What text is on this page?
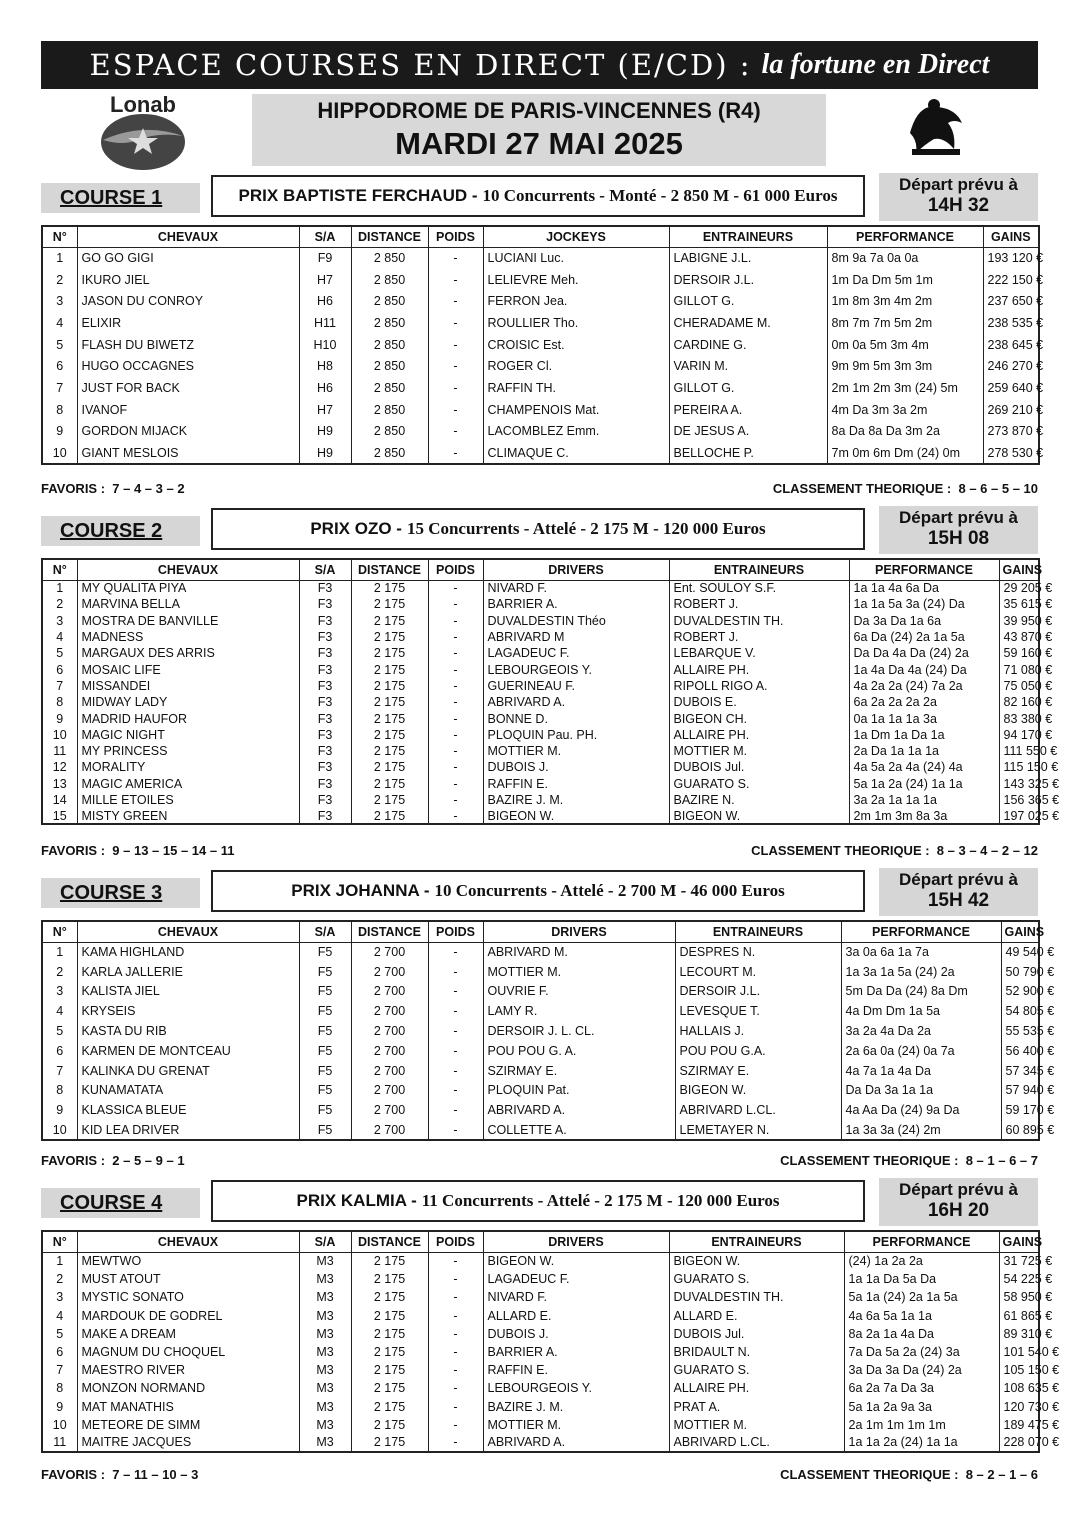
ESPACE COURSES EN DIRECT (E/CD) : la fortune en Direct
Lonab	HIPPODROME DE PARIS-VINCENNES (R4)
MARDI 27 MAI 2025
COURSE 1	PRIX BAPTISTE FERCHAUD - 10 Concurrents - Monté - 2 850 M - 61 000 Euros
Départ prévu à
14H 32
N°	CHEVAUX	S/A	DISTANCE	POIDS	JOCKEYS	ENTRAINEURS	PERFORMANCE	GAINS
1	GO GO GIGI	F9	2 850	-	LUCIANI Luc.	LABIGNE J.L.	8m 9a 7a 0a 0a	193 120 €
2	IKURO JIEL	H7	2 850	-	LELIEVRE Meh.	DERSOIR J.L.	1m Da Dm 5m 1m	222 150 €
3	JASON DU CONROY	H6	2 850	-	FERRON Jea.	GILLOT G.	1m 8m 3m 4m 2m	237 650 €
4	ELIXIR	H11	2 850	-	ROULLIER Tho.	CHERADAME M.	8m 7m 7m 5m 2m	238 535 €
5	FLASH DU BIWETZ	H10	2 850	-	CROISIC Est.	CARDINE G.	0m 0a 5m 3m 4m	238 645 €
6	HUGO OCCAGNES	H8	2 850	-	ROGER Cl.	VARIN M.	9m 9m 5m 3m 3m	246 270 €
7	JUST FOR BACK	H6	2 850	-	RAFFIN TH.	GILLOT G.	2m 1m 2m 3m (24) 5m	259 640 €
8	IVANOF	H7	2 850	-	CHAMPENOIS Mat.	PEREIRA A.	4m Da 3m 3a 2m	269 210 €
9	GORDON MIJACK	H9	2 850	-	LACOMBLEZ Emm.	DE JESUS A.	8a Da 8a Da 3m 2a	273 870 €
10	GIANT MESLOIS	H9	2 850	-	CLIMAQUE C.	BELLOCHE P.	7m 0m 6m Dm (24) 0m	278 530 €
FAVORIS : 7 – 4 – 3 – 2	CLASSEMENT THEORIQUE : 8 – 6 – 5 – 10
COURSE 2	PRIX OZO - 15 Concurrents - Attelé - 2 175 M - 120 000 Euros
Départ prévu à
15H 08
N°	CHEVAUX	S/A	DISTANCE	POIDS	DRIVERS	ENTRAINEURS	PERFORMANCE	GAINS
1	MY QUALITA PIYA	F3	2 175	-	NIVARD F.	Ent. SOULOY S.F.	1a 1a 4a 6a Da	29 205 €
2	MARVINA BELLA	F3	2 175	-	BARRIER A.	ROBERT J.	1a 1a 5a 3a (24) Da	35 615 €
3	MOSTRA DE BANVILLE	F3	2 175	-	DUVALDESTIN Théo	DUVALDESTIN TH.	Da 3a Da 1a 6a	39 950 €
4	MADNESS	F3	2 175	-	ABRIVARD M	ROBERT J.	6a Da (24) 2a 1a 5a	43 870 €
5	MARGAUX DES ARRIS	F3	2 175	-	LAGADEUC F.	LEBARQUE V.	Da Da 4a Da (24) 2a	59 160 €
6	MOSAIC LIFE	F3	2 175	-	LEBOURGEOIS Y.	ALLAIRE PH.	1a 4a Da 4a (24) Da	71 080 €
7	MISSANDEI	F3	2 175	-	GUERINEAU F.	RIPOLL RIGO A.	4a 2a 2a (24) 7a 2a	75 050 €
8	MIDWAY LADY	F3	2 175	-	ABRIVARD A.	DUBOIS E.	6a 2a 2a 2a 2a	82 160 €
9	MADRID HAUFOR	F3	2 175	-	BONNE D.	BIGEON CH.	0a 1a 1a 1a 3a	83 380 €
10	MAGIC NIGHT	F3	2 175	-	PLOQUIN Pau. PH.	ALLAIRE PH.	1a Dm 1a Da 1a	94 170 €
11	MY PRINCESS	F3	2 175	-	MOTTIER M.	MOTTIER M.	2a Da 1a 1a 1a	111 550 €
12	MORALITY	F3	2 175	-	DUBOIS J.	DUBOIS Jul.	4a 5a 2a 4a (24) 4a	115 150 €
13	MAGIC AMERICA	F3	2 175	-	RAFFIN E.	GUARATO S.	5a 1a 2a (24) 1a 1a	143 325 €
14	MILLE ETOILES	F3	2 175	-	BAZIRE J. M.	BAZIRE N.	3a 2a 1a 1a 1a	156 365 €
15	MISTY GREEN	F3	2 175	-	BIGEON W.	BIGEON W.	2m 1m 3m 8a 3a	197 025 €
FAVORIS : 9 – 13 – 15 – 14 – 11	CLASSEMENT THEORIQUE : 8 – 3 – 4 – 2 – 12
COURSE 3	PRIX JOHANNA - 10 Concurrents - Attelé - 2 700 M - 46 000 Euros
Départ prévu à
15H 42
N°	CHEVAUX	S/A	DISTANCE	POIDS	DRIVERS	ENTRAINEURS	PERFORMANCE	GAINS
1	KAMA HIGHLAND	F5	2 700	-	ABRIVARD M.	DESPRES N.	3a 0a 6a 1a 7a	49 540 €
2	KARLA JALLERIE	F5	2 700	-	MOTTIER M.	LECOURT M.	1a 3a 1a 5a (24) 2a	50 790 €
3	KALISTA JIEL	F5	2 700	-	OUVRIE F.	DERSOIR J.L.	5m Da Da (24) 8a Dm	52 900 €
4	KRYSEIS	F5	2 700	-	LAMY R.	LEVESQUE T.	4a Dm Dm 1a 5a	54 805 €
5	KASTA DU RIB	F5	2 700	-	DERSOIR J. L. CL.	HALLAIS J.	3a 2a 4a Da 2a	55 535 €
6	KARMEN DE MONTCEAU	F5	2 700	-	POU POU G. A.	POU POU G.A.	2a 6a 0a (24) 0a 7a	56 400 €
7	KALINKA DU GRENAT	F5	2 700	-	SZIRMAY E.	SZIRMAY E.	4a 7a 1a 4a Da	57 345 €
8	KUNAMATATA	F5	2 700	-	PLOQUIN Pat.	BIGEON W.	Da Da 3a 1a 1a	57 940 €
9	KLASSICA BLEUE	F5	2 700	-	ABRIVARD A.	ABRIVARD L.CL.	4a Aa Da (24) 9a Da	59 170 €
10	KID LEA DRIVER	F5	2 700	-	COLLETTE A.	LEMETAYER N.	1a 3a 3a (24) 2m	60 895 €
FAVORIS : 2 – 5 – 9 – 1	CLASSEMENT THEORIQUE : 8 – 1 – 6 – 7
COURSE 4	PRIX KALMIA - 11 Concurrents - Attelé - 2 175 M - 120 000 Euros
Départ prévu à
16H 20
N°	CHEVAUX	S/A	DISTANCE	POIDS	DRIVERS	ENTRAINEURS	PERFORMANCE	GAINS
1	MEWTWO	M3	2 175	-	BIGEON W.	BIGEON W.	(24) 1a 2a 2a	31 725 €
2	MUST ATOUT	M3	2 175	-	LAGADEUC F.	GUARATO S.	1a 1a Da 5a Da	54 225 €
3	MYSTIC SONATO	M3	2 175	-	NIVARD F.	DUVALDESTIN TH.	5a 1a (24) 2a 1a 5a	58 950 €
4	MARDOUK DE GODREL	M3	2 175	-	ALLARD E.	ALLARD E.	4a 6a 5a 1a 1a	61 865 €
5	MAKE A DREAM	M3	2 175	-	DUBOIS J.	DUBOIS Jul.	8a 2a 1a 4a Da	89 310 €
6	MAGNUM DU CHOQUEL	M3	2 175	-	BARRIER A.	BRIDAULT N.	7a Da 5a 2a (24) 3a	101 540 €
7	MAESTRO RIVER	M3	2 175	-	RAFFIN E.	GUARATO S.	3a Da 3a Da (24) 2a	105 150 €
8	MONZON NORMAND	M3	2 175	-	LEBOURGEOIS Y.	ALLAIRE PH.	6a 2a 7a Da 3a	108 635 €
9	MAT MANATHIS	M3	2 175	-	BAZIRE J. M.	PRAT A.	5a 1a 2a 9a 3a	120 730 €
10	METEORE DE SIMM	M3	2 175	-	MOTTIER M.	MOTTIER M.	2a 1m 1m 1m 1m	189 475 €
11	MAITRE JACQUES	M3	2 175	-	ABRIVARD A.	ABRIVARD L.CL.	1a 1a 2a (24) 1a 1a	228 070 €
FAVORIS : 7 – 11 – 10 – 3	CLASSEMENT THEORIQUE : 8 – 2 – 1 – 6
